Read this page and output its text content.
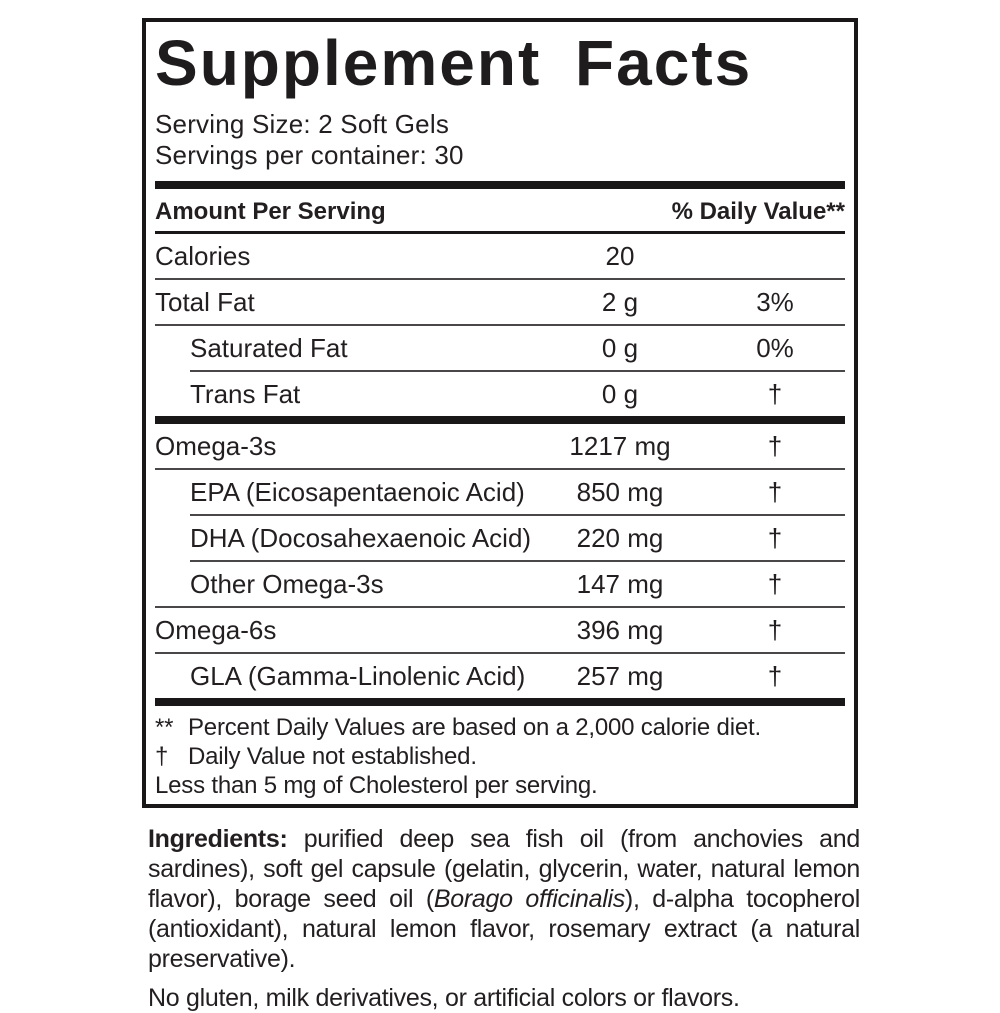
Supplement Facts
Serving Size: 2 Soft Gels
Servings per container: 30
Amount Per Serving	% Daily Value**
Calories	20
Total Fat	2 g	3%
Saturated Fat	0 g	0%
Trans Fat	0 g	†
Omega-3s	1217 mg	†
EPA (Eicosapentaenoic Acid)	850 mg	†
DHA (Docosahexaenoic Acid)	220 mg	†
Other Omega-3s	147 mg	†
Omega-6s	396 mg	†
GLA (Gamma-Linolenic Acid)	257 mg	†
** Percent Daily Values are based on a 2,000 calorie diet.
† Daily Value not established.
Less than 5 mg of Cholesterol per serving.

Ingredients: purified deep sea fish oil (from anchovies and sardines), soft gel capsule (gelatin, glycerin, water, natural lemon flavor), borage seed oil (Borago officinalis), d-alpha tocopherol (antioxidant), natural lemon flavor, rosemary extract (a natural preservative).

No gluten, milk derivatives, or artificial colors or flavors.
